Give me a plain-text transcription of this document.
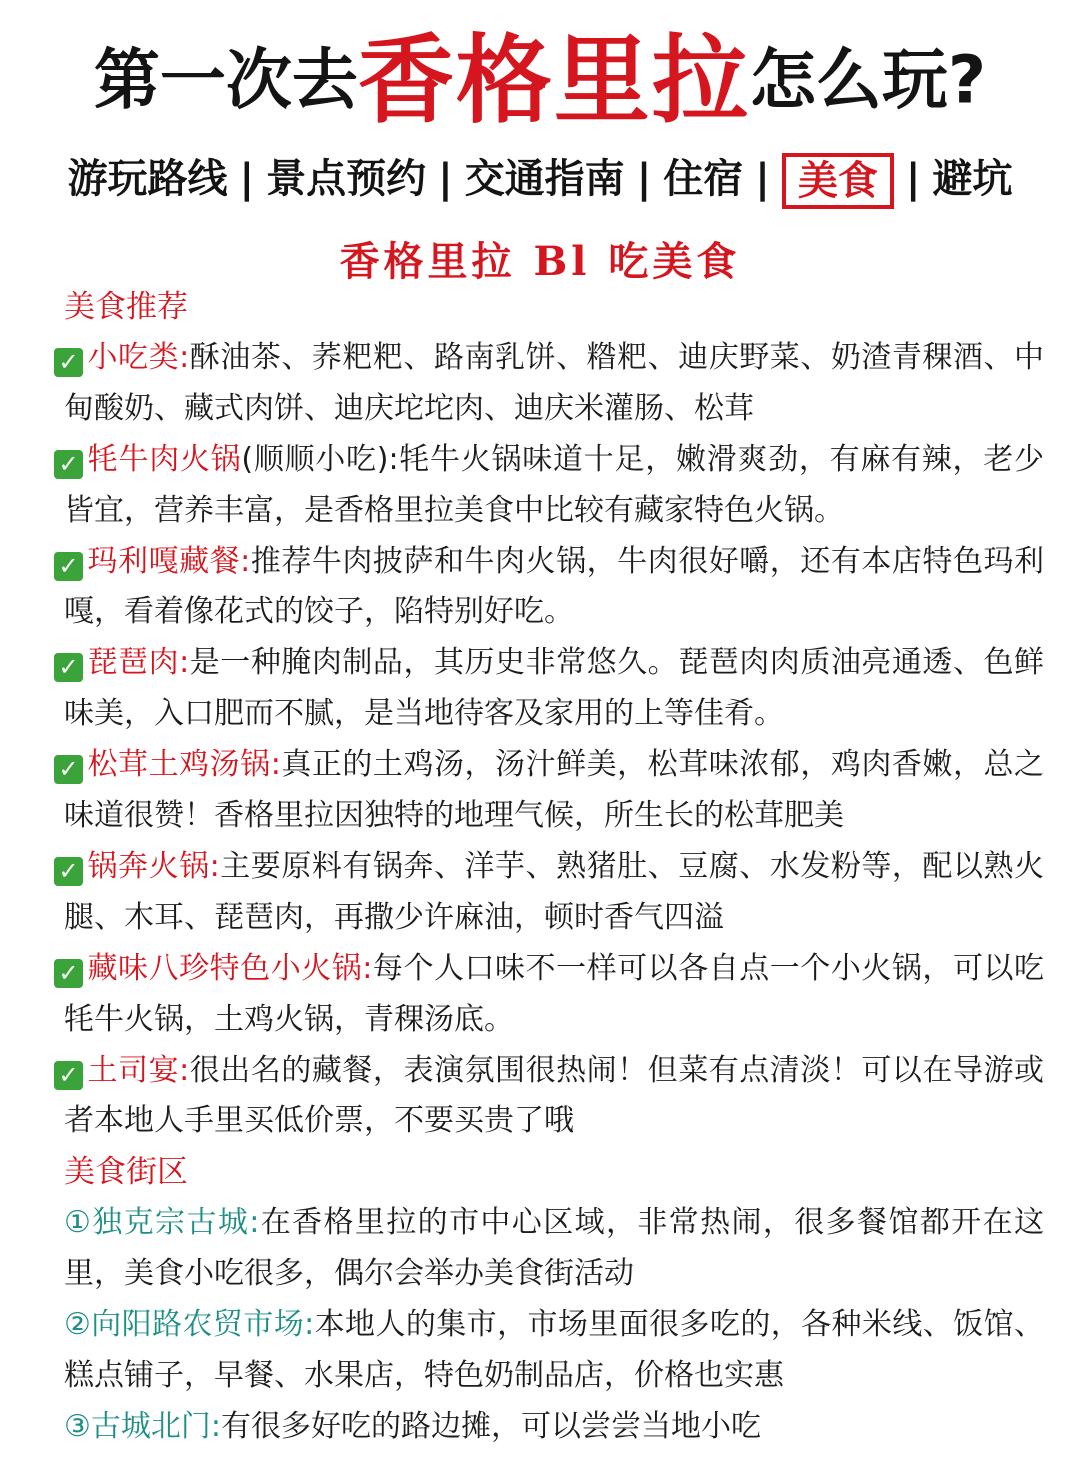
第一次去香格里拉怎么玩?
游玩路线 | 景点预约 | 交通指南 | 住宿 | 美食 | 避坑
香格里拉 Bl 吃美食
美食推荐
✓ 小吃类:酥油茶、荞粑粑、路南乳饼、糌粑、迪庆野菜、奶渣青稞酒、中甸酸奶、藏式肉饼、迪庆坨坨肉、迪庆米灌肠、松茸
✓ 牦牛肉火锅(顺顺小吃):牦牛火锅味道十足，嫩滑爽劲，有麻有辣，老少皆宜，营养丰富，是香格里拉美食中比较有藏家特色火锅。
✓ 玛利嘎藏餐:推荐牛肉披萨和牛肉火锅，牛肉很好嚼，还有本店特色玛利嘎，看着像花式的饺子，陷特别好吃。
✓ 琵琶肉:是一种腌肉制品，其历史非常悠久。琵琶肉肉质油亮通透、色鲜味美，入口肥而不腻，是当地待客及家用的上等佳肴。
✓ 松茸土鸡汤锅:真正的土鸡汤，汤汁鲜美，松茸味浓郁，鸡肉香嫩，总之味道很赞！香格里拉因独特的地理气候，所生长的松茸肥美
✓ 锅奔火锅:主要原料有锅奔、洋芋、熟猪肚、豆腐、水发粉等，配以熟火腿、木耳、琵琶肉，再撒少许麻油，顿时香气四溢
✓ 藏味八珍特色小火锅:每个人口味不一样可以各自点一个小火锅，可以吃牦牛火锅，土鸡火锅，青稞汤底。
✓ 土司宴:很出名的藏餐，表演氛围很热闹！但菜有点清淡！可以在导游或者本地人手里买低价票，不要买贵了哦
美食街区
①独克宗古城:在香格里拉的市中心区域，非常热闹，很多餐馆都开在这里，美食小吃很多，偶尔会举办美食街活动
②向阳路农贸市场:本地人的集市，市场里面很多吃的，各种米线、饭馆、糕点铺子，早餐、水果店，特色奶制品店，价格也实惠
③古城北门:有很多好吃的路边摊，可以尝尝当地小吃
